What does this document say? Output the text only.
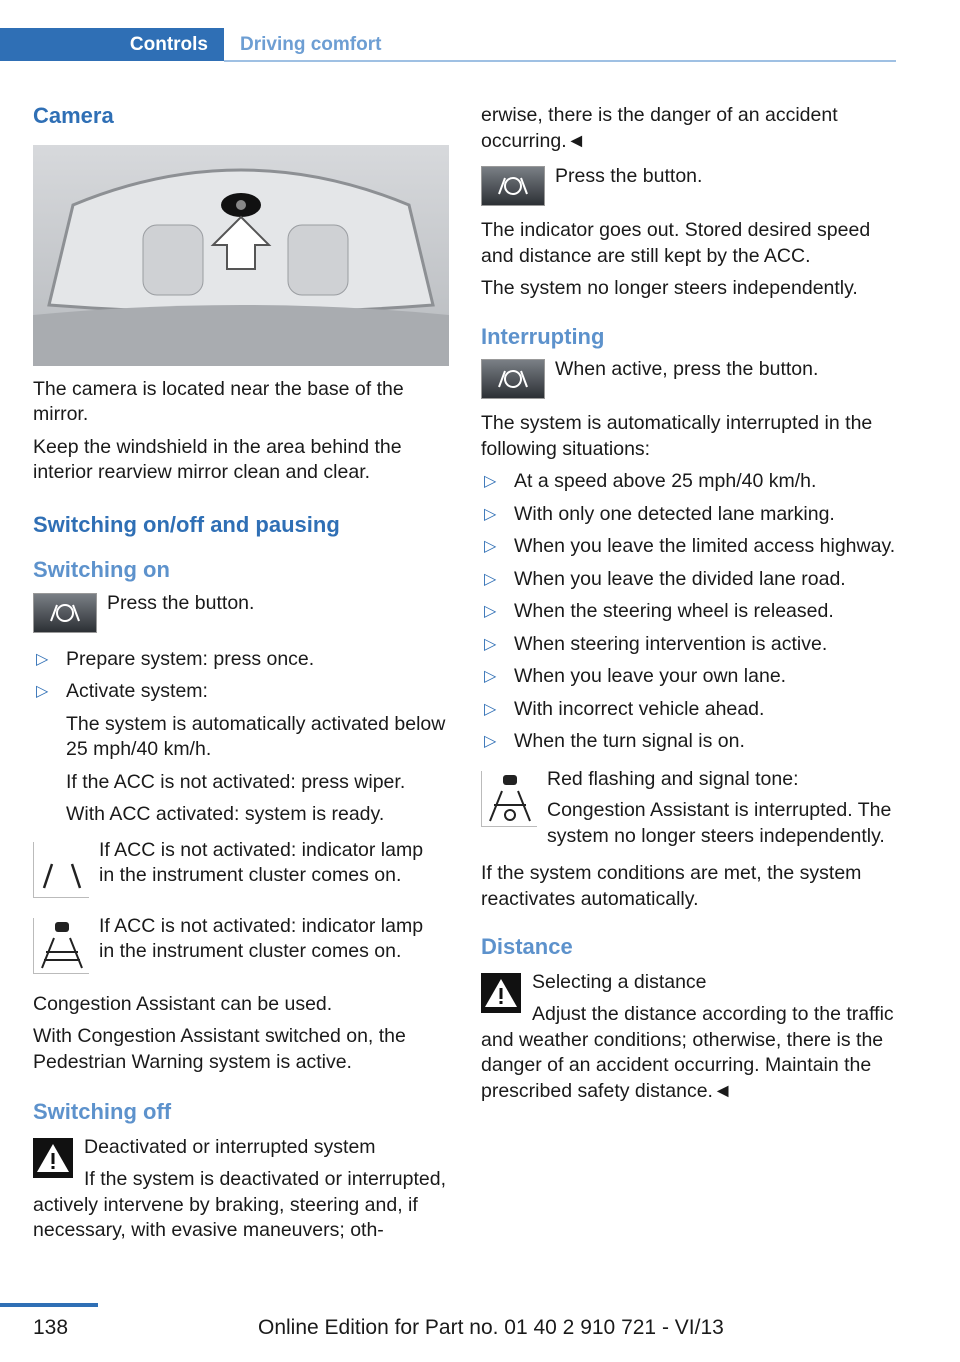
Controls	Driving comfort
Camera

The camera is located near the base of the mirror.

Keep the windshield in the area behind the interior rearview mirror clean and clear.

Switching on/off and pausing
Switching on
Press the button.
▷ Prepare system: press once.
▷ Activate system:
The system is automatically activated below 25 mph/40 km/h.
If the ACC is not activated: press wiper.
With ACC activated: system is ready.
If ACC is not activated: indicator lamp in the instrument cluster comes on.
If ACC is not activated: indicator lamp in the instrument cluster comes on.

Congestion Assistant can be used.

With Congestion Assistant switched on, the Pedestrian Warning system is active.

Switching off
Deactivated or interrupted system
If the system is deactivated or interrupted, actively intervene by braking, steering and, if necessary, with evasive maneuvers; oth-

erwise, there is the danger of an accident occurring.◄

Press the button.

The indicator goes out. Stored desired speed and distance are still kept by the ACC.

The system no longer steers independently.

Interrupting
When active, press the button.

The system is automatically interrupted in the following situations:

▷ At a speed above 25 mph/40 km/h.
▷ With only one detected lane marking.
▷ When you leave the limited access highway.
▷ When you leave the divided lane road.
▷ When the steering wheel is released.
▷ When steering intervention is active.
▷ When you leave your own lane.
▷ With incorrect vehicle ahead.
▷ When the turn signal is on.
Red flashing and signal tone:
Congestion Assistant is interrupted. The system no longer steers independently.

If the system conditions are met, the system reactivates automatically.

Distance
Selecting a distance
Adjust the distance according to the traffic and weather conditions; otherwise, there is the danger of an accident occurring. Maintain the prescribed safety distance.◄
138	Online Edition for Part no. 01 40 2 910 721 - VI/13
